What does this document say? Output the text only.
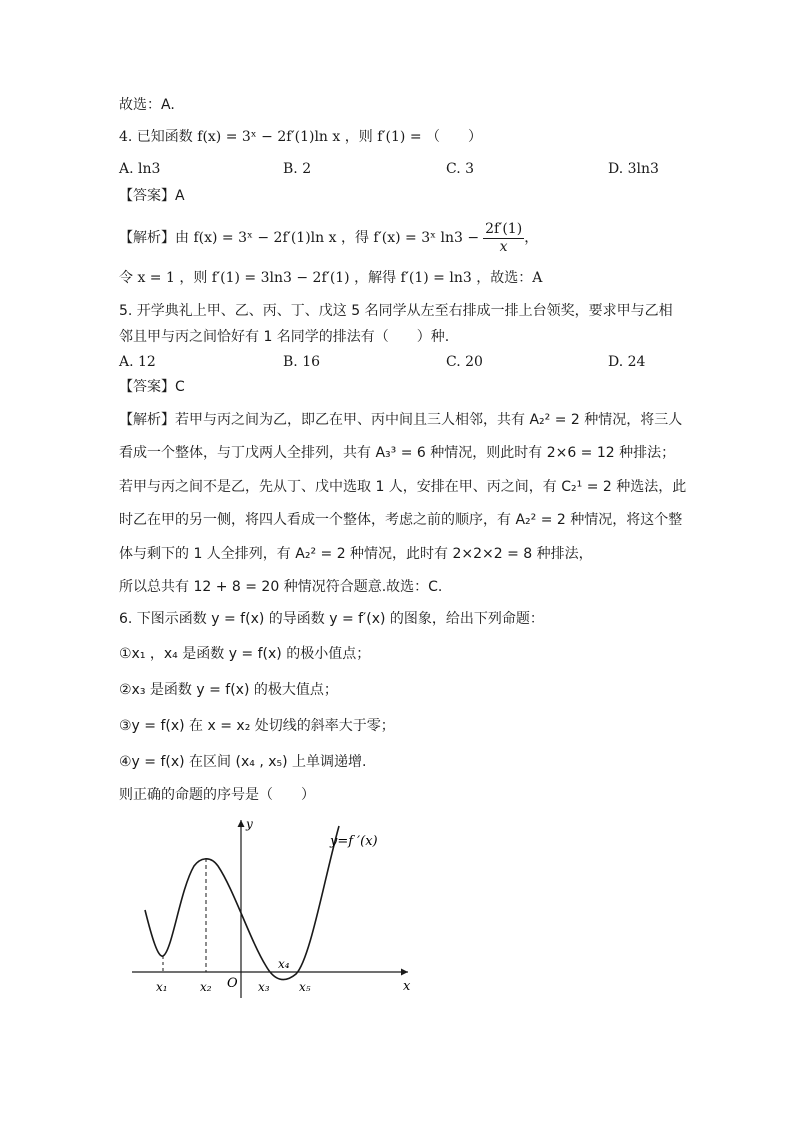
故选：A.
4. 已知函数 f(x) = 3ˣ − 2f′(1)ln x ，则 f′(1) = （　　）
A. ln3	B. 2	C. 3	D. 3ln3
【答案】A
【解析】由 f(x) = 3ˣ − 2f′(1)ln x ，得 f′(x) = 3ˣ $\ln 3 - \frac{2f'(1)}{x}$ ，
令 x = 1 ，则 f′(1) = 3ln3 − 2f′(1) ，解得 f′(1) = ln3 ，故选：A
5. 开学典礼上甲、乙、丙、丁、戊这 5 名同学从左至右排成一排上台领奖，要求甲与乙相
邻且甲与丙之间恰好有 1 名同学的排法有（　　）种.
A. 12	B. 16	C. 20	D. 24
【答案】C
【解析】若甲与丙之间为乙，即乙在甲、丙中间且三人相邻，共有 A₂² = 2 种情况，将三人
看成一个整体，与丁戊两人全排列，共有 A₃³ = 6 种情况，则此时有 2×6 = 12 种排法；
若甲与丙之间不是乙，先从丁、戊中选取 1 人，安排在甲、丙之间，有 C₂¹ = 2 种选法，此
时乙在甲的另一侧，将四人看成一个整体，考虑之前的顺序，有 A₂² = 2 种情况，将这个整
体与剩下的 1 人全排列，有 A₂² = 2 种情况，此时有 2×2×2 = 8 种排法，
所以总共有 12 + 8 = 20 种情况符合题意.故选：C.
6. 下图示函数 y = f(x) 的导函数 y = f′(x) 的图象，给出下列命题：
①x₁ ，x₄ 是函数 y = f(x) 的极小值点；
②x₃ 是函数 y = f(x) 的极大值点；
③y = f(x) 在 x = x₂ 处切线的斜率大于零；
④y = f(x) 在区间 (x₄ , x₅) 上单调递增.
则正确的命题的序号是（　　）
y
y=f ′(x)
x
O
x₁	x₂	x₃
x₄
x₅
